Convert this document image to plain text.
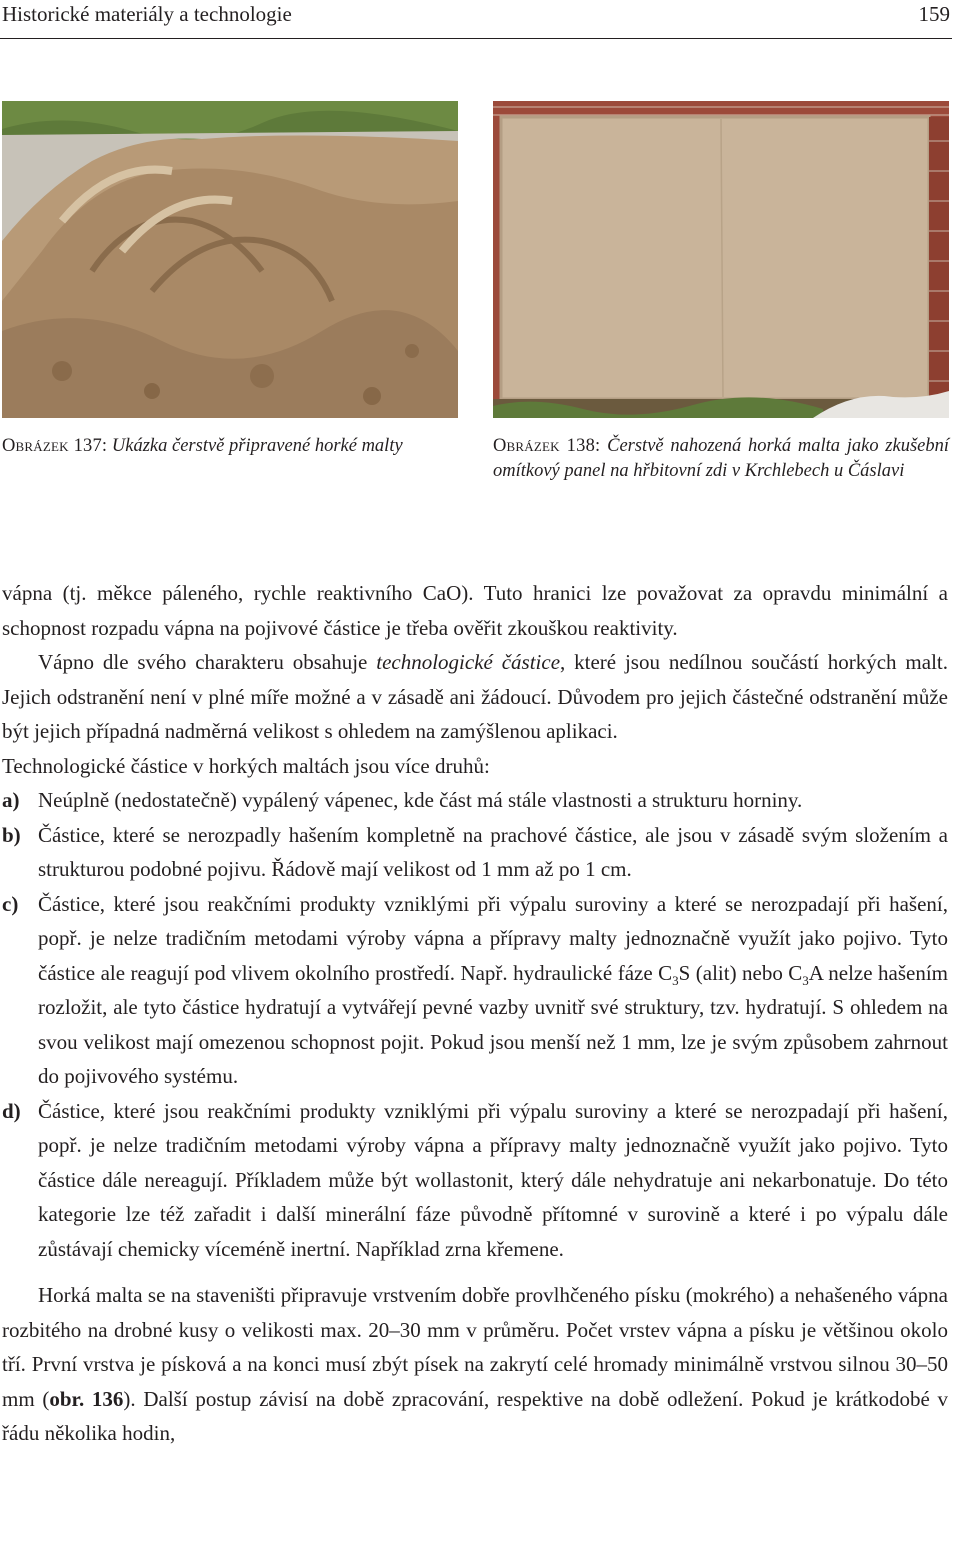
Historické materiály a technologie	159
Obrázek 137: Ukázka čerstvě připravené horké malty	Obrázek 138: Čerstvě nahozená horká malta jako zkušební omítkový panel na hřbitovní zdi v Krchlebech u Čáslavi

vápna (tj. měkce páleného, rychle reaktivního CaO). Tuto hranici lze považovat za opravdu minimální a schopnost rozpadu vápna na pojivové částice je třeba ověřit zkouškou reaktivity.

Vápno dle svého charakteru obsahuje technologické částice, které jsou nedílnou součástí horkých malt. Jejich odstranění není v plné míře možné a v zásadě ani žádoucí. Důvodem pro jejich částečné odstranění může být jejich případná nadměrná velikost s ohledem na zamýšlenou aplikaci.

Technologické částice v horkých maltách jsou více druhů:

a) Neúplně (nedostatečně) vypálený vápenec, kde část má stále vlastnosti a strukturu horniny.
b) Částice, které se nerozpadly hašením kompletně na prachové částice, ale jsou v zásadě svým složením a strukturou podobné pojivu. Řádově mají velikost od 1 mm až po 1 cm.
c) Částice, které jsou reakčními produkty vzniklými při výpalu suroviny a které se nerozpadají při hašení, popř. je nelze tradičním metodami výroby vápna a přípravy malty jednoznačně využít jako pojivo. Tyto částice ale reagují pod vlivem okolního prostředí. Např. hydraulické fáze $C_3S$ (alit) nebo $C_3A$ nelze hašením rozložit, ale tyto částice hydratují a vytvářejí pevné vazby uvnitř své struktury, tzv. hydratují. S ohledem na svou velikost mají omezenou schopnost pojit. Pokud jsou menší než 1 mm, lze je svým způsobem zahrnout do pojivového systému.
d) Částice, které jsou reakčními produkty vzniklými při výpalu suroviny a které se nerozpadají při hašení, popř. je nelze tradičním metodami výroby vápna a přípravy malty jednoznačně využít jako pojivo. Tyto částice dále nereagují. Příkladem může být wollastonit, který dále nehydratuje ani nekarbonatuje. Do této kategorie lze též zařadit i další minerální fáze původně přítomné v surovině a které i po výpalu dále zůstávají chemicky víceméně inertní. Například zrna křemene.

Horká malta se na staveništi připravuje vrstvením dobře provlhčeného písku (mokrého) a nehašeného vápna rozbitého na drobné kusy o velikosti max. 20–30 mm v průměru. Počet vrstev vápna a písku je většinou okolo tří. První vrstva je písková a na konci musí zbýt písek na zakrytí celé hromady minimálně vrstvou silnou 30–50 mm (obr. 136). Další postup závisí na době zpracování, respektive na době odležení. Pokud je krátkodobé v řádu několika hodin,
